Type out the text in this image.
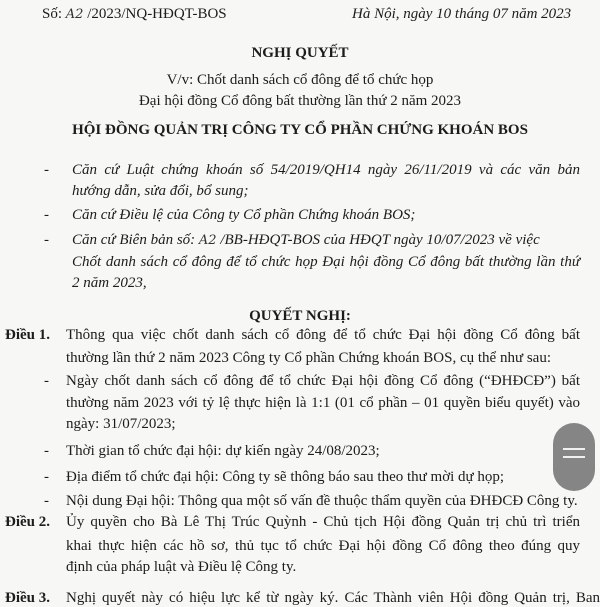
Số: A2 /2023/NQ-HĐQT-BOS	Hà Nội, ngày 10 tháng 07 năm 2023
NGHỊ QUYẾT
V/v: Chốt danh sách cổ đông để tổ chức họp
Đại hội đồng Cổ đông bất thường lần thứ 2 năm 2023
HỘI ĐỒNG QUẢN TRỊ CÔNG TY CỔ PHẦN CHỨNG KHOÁN BOS
- Căn cứ Luật chứng khoán số 54/2019/QH14 ngày 26/11/2019 và các văn bản
hướng dẫn, sửa đổi, bổ sung;
- Căn cứ Điều lệ của Công ty Cổ phần Chứng khoán BOS;
- Căn cứ Biên bản số: A2 /BB-HĐQT-BOS của HĐQT ngày 10/07/2023 về việc
Chốt danh sách cổ đông để tổ chức họp Đại hội đồng Cổ đông bất thường lần thứ
2 năm 2023,
QUYẾT NGHỊ:
Điều 1. Thông qua việc chốt danh sách cổ đông để tổ chức Đại hội đồng Cổ đông bất
thường lần thứ 2 năm 2023 Công ty Cổ phần Chứng khoán BOS, cụ thể như sau:
- Ngày chốt danh sách cổ đông để tổ chức Đại hội đồng Cổ đông (“ĐHĐCĐ”) bất
thường năm 2023 với tỷ lệ thực hiện là 1:1 (01 cổ phần – 01 quyền biểu quyết) vào
ngày: 31/07/2023;
- Thời gian tổ chức đại hội: dự kiến ngày 24/08/2023;
- Địa điểm tổ chức đại hội: Công ty sẽ thông báo sau theo thư mời dự họp;
- Nội dung Đại hội: Thông qua một số vấn đề thuộc thẩm quyền của ĐHĐCĐ Công ty.
Điều 2. Ủy quyền cho Bà Lê Thị Trúc Quỳnh - Chủ tịch Hội đồng Quản trị chủ trì triển
khai thực hiện các hồ sơ, thủ tục tổ chức Đại hội đồng Cổ đông theo đúng quy
định của pháp luật và Điều lệ Công ty.
Điều 3. Nghị quyết này có hiệu lực kể từ ngày ký. Các Thành viên Hội đồng Quản trị, Ban
